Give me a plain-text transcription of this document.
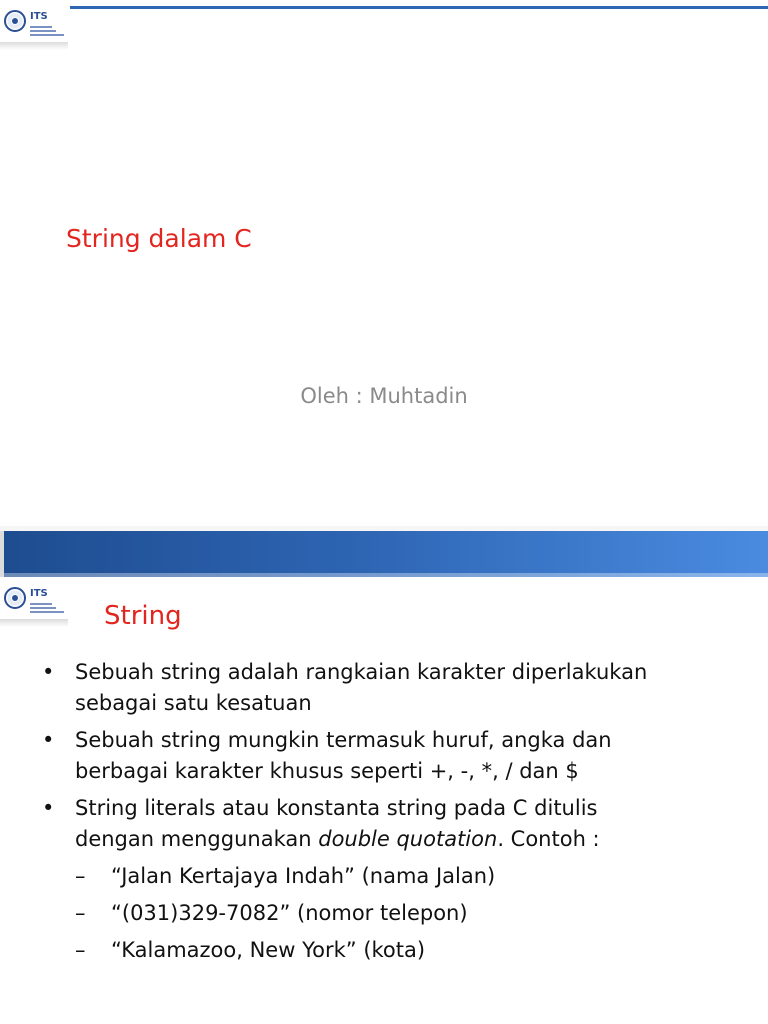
ITS
String dalam C
Oleh : Muhtadin
ITS
String
• Sebuah string adalah rangkaian karakter diperlakukan
sebagai satu kesatuan
• Sebuah string mungkin termasuk huruf, angka dan
berbagai karakter khusus seperti +, -, *, / dan $
• String literals atau konstanta string pada C ditulis
dengan menggunakan double quotation. Contoh :
– “Jalan Kertajaya Indah” (nama Jalan)
– “(031)329-7082” (nomor telepon)
– “Kalamazoo, New York” (kota)
